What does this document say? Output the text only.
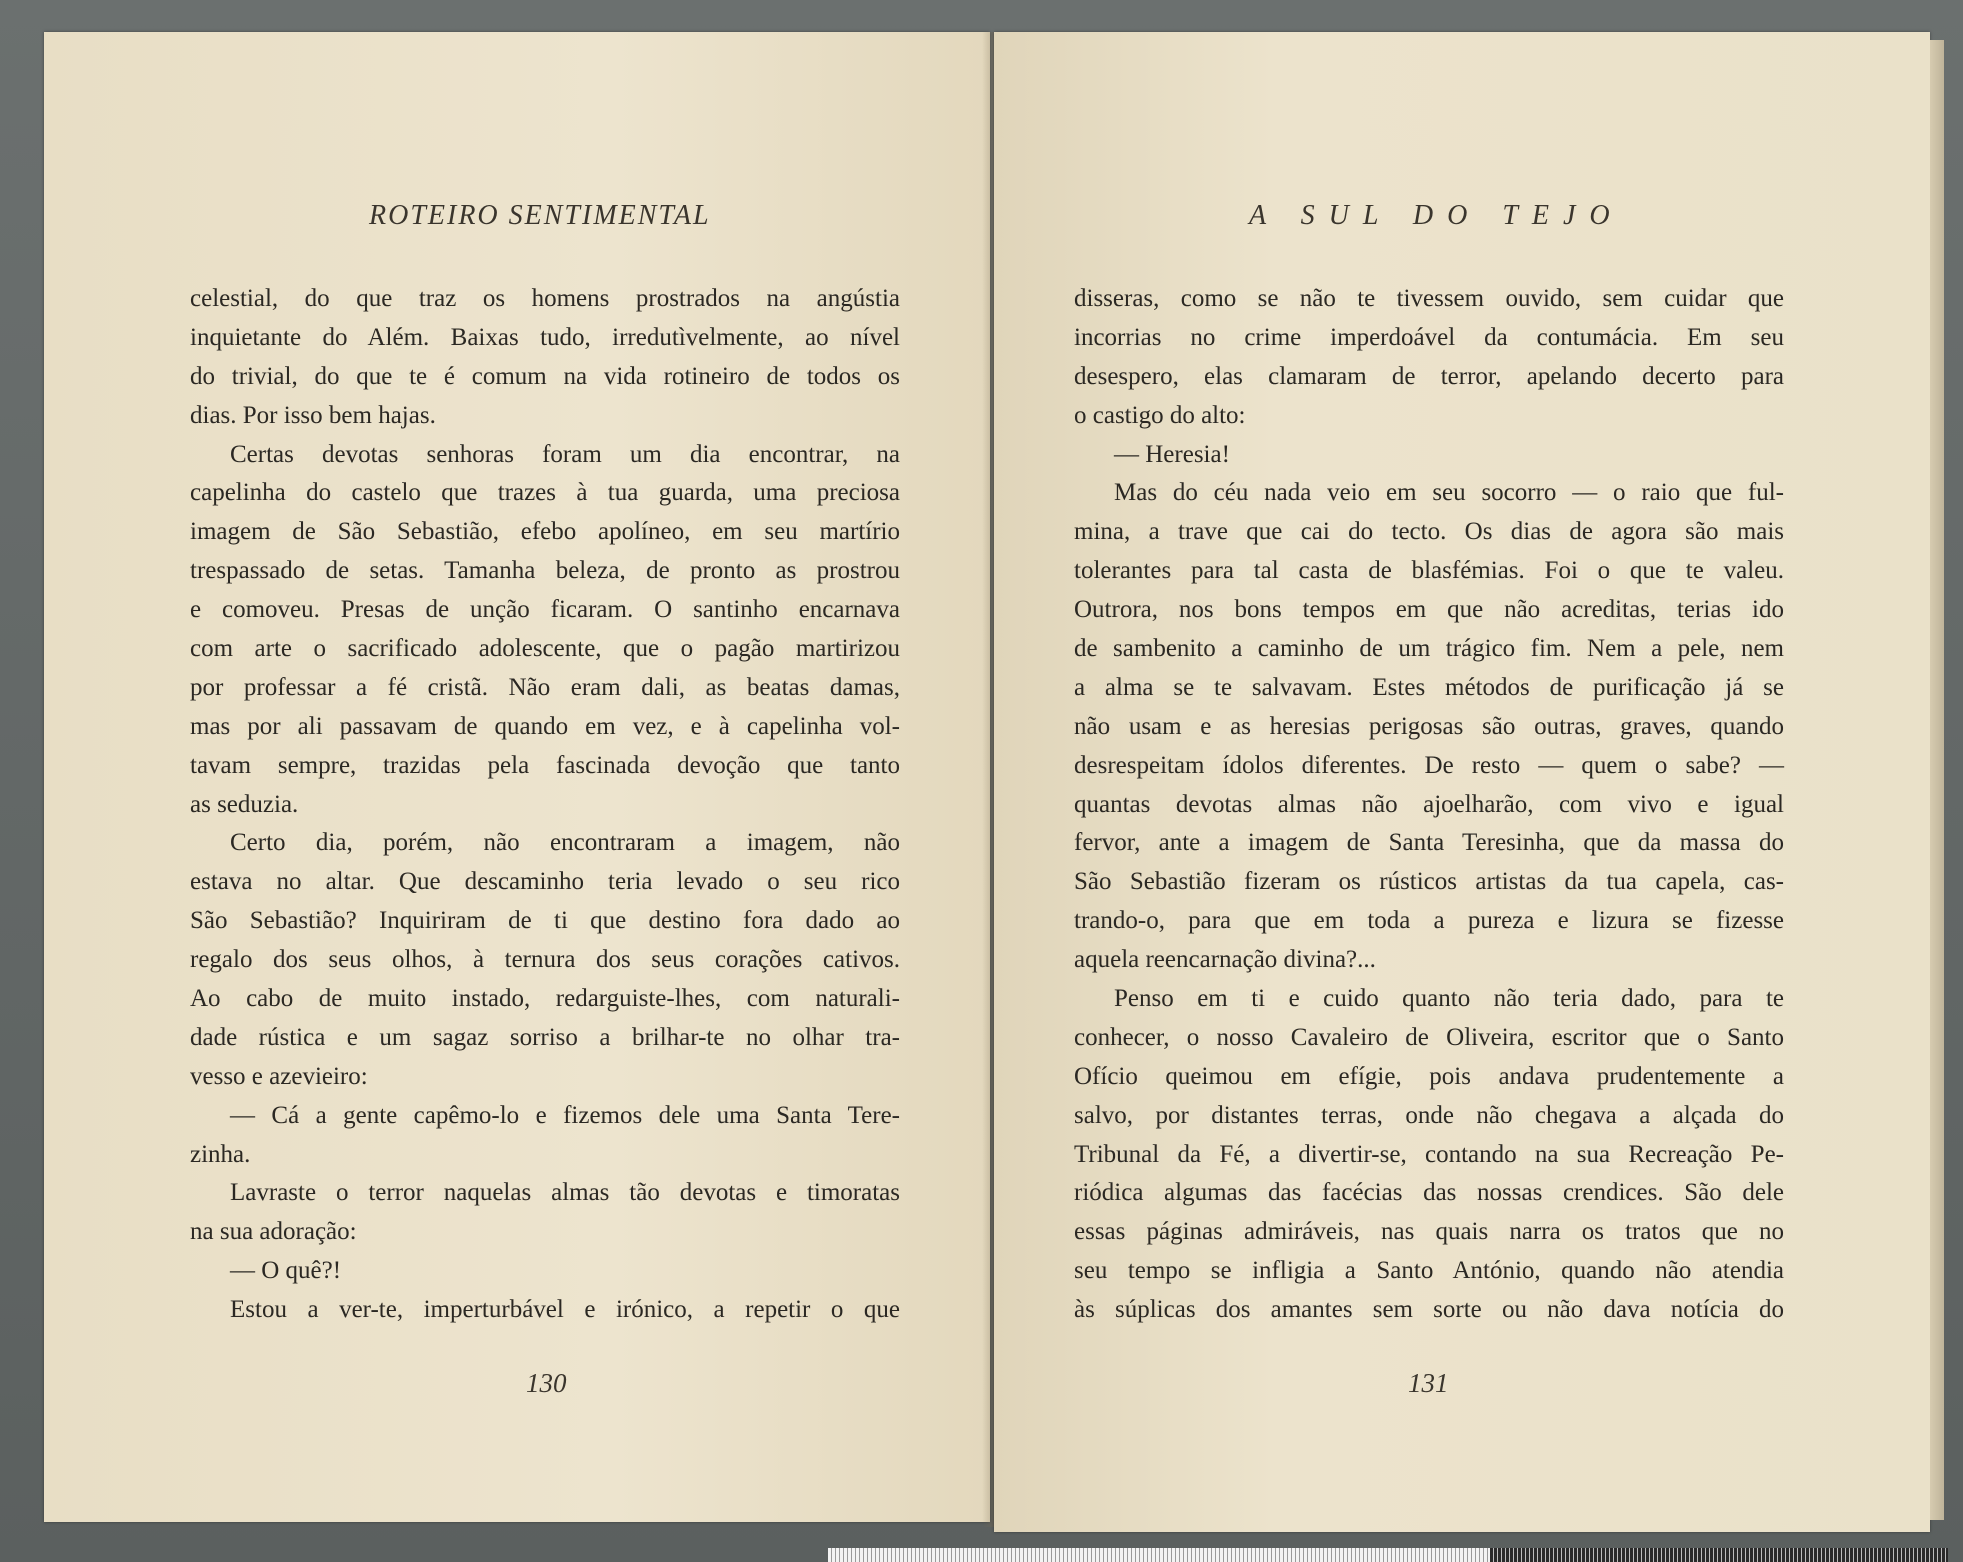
ROTEIRO SENTIMENTAL
celestial, do que traz os homens prostrados na angústia
inquietante do Além. Baixas tudo, irredutìvelmente, ao nível
do trivial, do que te é comum na vida rotineiro de todos os
dias. Por isso bem hajas.
Certas devotas senhoras foram um dia encontrar, na
capelinha do castelo que trazes à tua guarda, uma preciosa
imagem de São Sebastião, efebo apolíneo, em seu martírio
trespassado de setas. Tamanha beleza, de pronto as prostrou
e comoveu. Presas de unção ficaram. O santinho encarnava
com arte o sacrificado adolescente, que o pagão martirizou
por professar a fé cristã. Não eram dali, as beatas damas,
mas por ali passavam de quando em vez, e à capelinha vol-
tavam sempre, trazidas pela fascinada devoção que tanto
as seduzia.
Certo dia, porém, não encontraram a imagem, não
estava no altar. Que descaminho teria levado o seu rico
São Sebastião? Inquiriram de ti que destino fora dado ao
regalo dos seus olhos, à ternura dos seus corações cativos.
Ao cabo de muito instado, redarguiste-lhes, com naturali-
dade rústica e um sagaz sorriso a brilhar-te no olhar tra-
vesso e azevieiro:
— Cá a gente capêmo-lo e fizemos dele uma Santa Tere-
zinha.
Lavraste o terror naquelas almas tão devotas e timoratas
na sua adoração:
— O quê?!
Estou a ver-te, imperturbável e irónico, a repetir o que
130
A SUL DO TEJO
disseras, como se não te tivessem ouvido, sem cuidar que
incorrias no crime imperdoável da contumácia. Em seu
desespero, elas clamaram de terror, apelando decerto para
o castigo do alto:
— Heresia!
Mas do céu nada veio em seu socorro — o raio que ful-
mina, a trave que cai do tecto. Os dias de agora são mais
tolerantes para tal casta de blasfémias. Foi o que te valeu.
Outrora, nos bons tempos em que não acreditas, terias ido
de sambenito a caminho de um trágico fim. Nem a pele, nem
a alma se te salvavam. Estes métodos de purificação já se
não usam e as heresias perigosas são outras, graves, quando
desrespeitam ídolos diferentes. De resto — quem o sabe? —
quantas devotas almas não ajoelharão, com vivo e igual
fervor, ante a imagem de Santa Teresinha, que da massa do
São Sebastião fizeram os rústicos artistas da tua capela, cas-
trando-o, para que em toda a pureza e lizura se fizesse
aquela reencarnação divina?...
Penso em ti e cuido quanto não teria dado, para te
conhecer, o nosso Cavaleiro de Oliveira, escritor que o Santo
Ofício queimou em efígie, pois andava prudentemente a
salvo, por distantes terras, onde não chegava a alçada do
Tribunal da Fé, a divertir-se, contando na sua Recreação Pe-
riódica algumas das facécias das nossas crendices. São dele
essas páginas admiráveis, nas quais narra os tratos que no
seu tempo se infligia a Santo António, quando não atendia
às súplicas dos amantes sem sorte ou não dava notícia do
131
